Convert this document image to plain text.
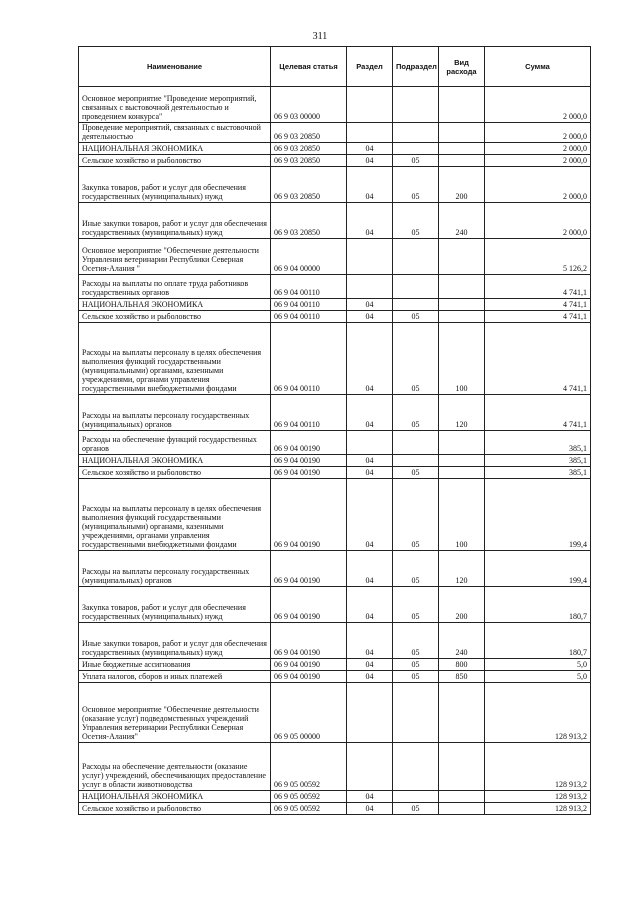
311
Наименование	Целевая статья	Раздел	Подраздел	Вид расхода	Сумма
Основное мероприятие "Проведение мероприятий, связанных с выстовочной деятельностью и проведением конкурса"	06 9 03 00000				2 000,0
Проведение мероприятий, связанных с выстовочной деятельностью	06 9 03 20850				2 000,0
НАЦИОНАЛЬНАЯ ЭКОНОМИКА	06 9 03 20850	04			2 000,0
Сельское хозяйство и рыболовство	06 9 03 20850	04	05		2 000,0
Закупка товаров, работ и услуг для обеспечения государственных (муниципальных) нужд	06 9 03 20850	04	05	200	2 000,0
Иные закупки товаров, работ и услуг для обеспечения государственных (муниципальных) нужд	06 9 03 20850	04	05	240	2 000,0
Основное мероприятие "Обеспечение деятельности Управления ветеринарии Республики Северная Осетия-Алания "	06 9 04 00000				5 126,2
Расходы на выплаты по оплате труда работников государственных органов	06 9 04 00110				4 741,1
НАЦИОНАЛЬНАЯ ЭКОНОМИКА	06 9 04 00110	04			4 741,1
Сельское хозяйство и рыболовство	06 9 04 00110	04	05		4 741,1
Расходы на выплаты персоналу в целях обеспечения выполнения функций государственными (муниципальными) органами, казенными учреждениями, органами управления государственными внебюджетными фондами	06 9 04 00110	04	05	100	4 741,1
Расходы на выплаты персоналу государственных (муниципальных) органов	06 9 04 00110	04	05	120	4 741,1
Расходы на обеспечение функций государственных органов	06 9 04 00190				385,1
НАЦИОНАЛЬНАЯ ЭКОНОМИКА	06 9 04 00190	04			385,1
Сельское хозяйство и рыболовство	06 9 04 00190	04	05		385,1
Расходы на выплаты персоналу в целях обеспечения выполнения функций государственными (муниципальными) органами, казенными учреждениями, органами управления государственными внебюджетными фондами	06 9 04 00190	04	05	100	199,4
Расходы на выплаты персоналу государственных (муниципальных) органов	06 9 04 00190	04	05	120	199,4
Закупка товаров, работ и услуг для обеспечения государственных (муниципальных) нужд	06 9 04 00190	04	05	200	180,7
Иные закупки товаров, работ и услуг для обеспечения государственных (муниципальных) нужд	06 9 04 00190	04	05	240	180,7
Иные бюджетные ассигнования	06 9 04 00190	04	05	800	5,0
Уплата налогов, сборов и иных платежей	06 9 04 00190	04	05	850	5,0
Основное мероприятие "Обеспечение деятельности (оказание услуг) подведомственных учреждений Управления ветеринарии Республики Северная Осетия-Алания"	06 9 05 00000				128 913,2
Расходы на обеспечение деятельности (оказание услуг) учреждений, обеспечивающих предоставление услуг в области животноводства	06 9 05 00592				128 913,2
НАЦИОНАЛЬНАЯ ЭКОНОМИКА	06 9 05 00592	04			128 913,2
Сельское хозяйство и рыболовство	06 9 05 00592	04	05		128 913,2
